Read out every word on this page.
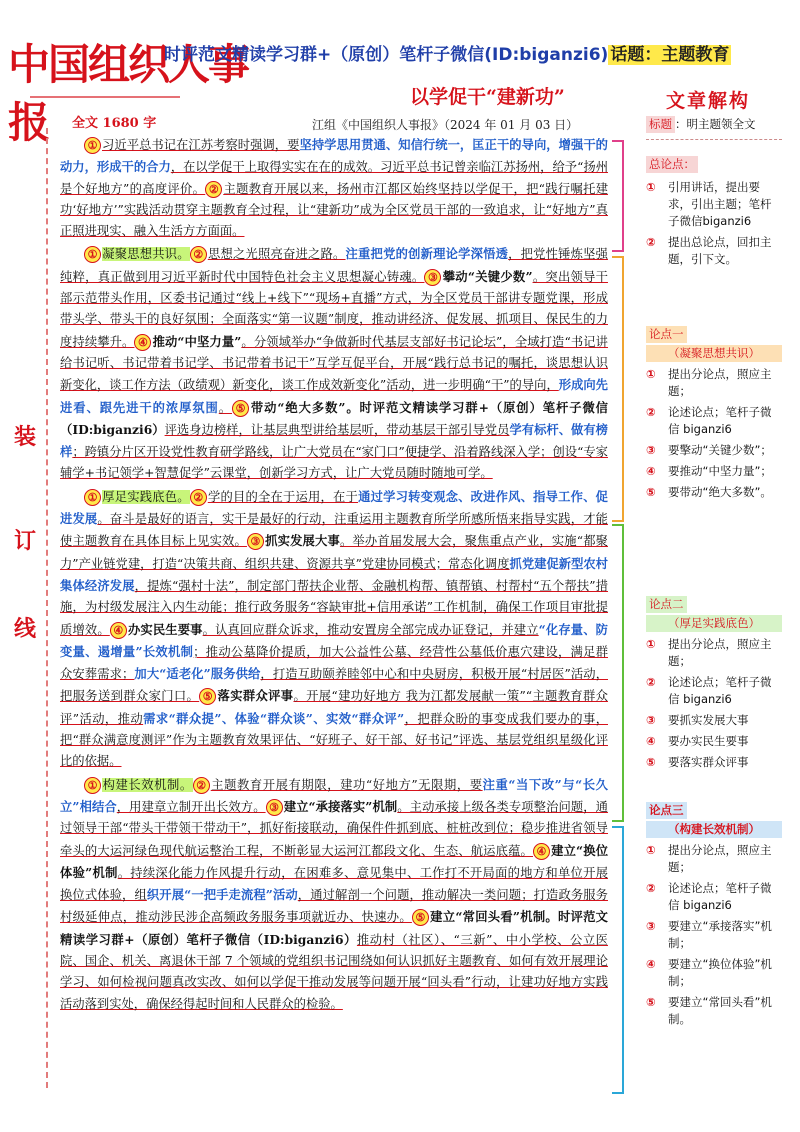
中国组织人事报
时评范文精读学习群+（原创）笔杆子微信(ID:biganzi6) 话题：主题教育
以学促干“建新功”	文章解构
全文 1680 字	江组《中国组织人事报》（2024 年 01 月 03 日）
装
订
线

① 习近平总书记在江苏考察时强调，要坚持学思用贯通、知信行统一，匡正干的导向，增强干的动力，形成干的合力，在以学促干上取得实实在在的成效。习近平总书记曾亲临江苏扬州，给予“扬州是个好地方”的高度评价。 ② 主题教育开展以来，扬州市江都区始终坚持以学促干，把“践行嘱托建功‘好地方’”实践活动贯穿主题教育全过程，让“建新功”成为全区党员干部的一致追求，让“好地方”真正照进现实、融入生活方方面面。

① 凝聚思想共识。 ② 思想之光照亮奋进之路。注重把党的创新理论学深悟透，把党性锤炼坚强纯粹，真正做到用习近平新时代中国特色社会主义思想凝心铸魂。 ③ 攀动“关键少数”。突出领导干部示范带头作用，区委书记通过“线上+线下”“现场+直播”方式，为全区党员干部讲专题党课，形成带头学、带头干的良好氛围；全面落实“第一议题”制度，推动讲经济、促发展、抓项目、保民生的力度持续攀升。 ④ 推动“中坚力量”。分领域举办“争做新时代基层支部好书记论坛”，全域打造“书记讲给书记听、书记带着书记学、书记带着书记干”互学互促平台，开展“践行总书记的嘱托，谈思想认识新变化，谈工作方法（政绩观）新变化，谈工作成效新变化”活动，进一步明确“干”的导向，形成向先进看、跟先进干的浓厚氛围。 ⑤ 带动“绝大多数”。时评范文精读学习群+（原创）笔杆子微信（ID:biganzi6）评选身边榜样，让基层典型讲给基层听，带动基层干部引导党员学有标杆、做有榜样；跨镇分片区开设党性教育研学路线，让广大党员在“家门口”便捷学、沿着路线深入学；创设“专家辅学+书记领学+智慧促学”云课堂，创新学习方式，让广大党员随时随地可学。

① 厚足实践底色。 ② 学的目的全在于运用，在于通过学习转变观念、改进作风、指导工作、促进发展。奋斗是最好的语言，实干是最好的行动，注重运用主题教育所学所感所悟来指导实践，才能使主题教育在具体目标上见实效。 ③ 抓实发展大事。举办首届发展大会，聚焦重点产业，实施“都聚力”产业链党建，打造“决策共商、组织共建、资源共享”党建协同模式；常态化调度抓党建促新型农村集体经济发展，提炼“强村十法”，制定部门帮扶企业帮、金融机构帮、镇帮镇、村帮村“五个帮扶”措施，为村级发展注入内生动能；推行政务服务“容缺审批+信用承诺”工作机制，确保工作项目审批提质增效。 ④ 办实民生要事。认真回应群众诉求，推动安置房全部完成办证登记，并建立“化存量、防变量、遏增量”长效机制；推动公墓降价提质，加大公益性公墓、经营性公墓低价惠穴建设，满足群众安葬需求；加大“适老化”服务供给，打造互助颐养睦邻中心和中央厨房，积极开展“村居医”活动，把服务送到群众家门口。 ⑤ 落实群众评事。开展“建功好地方 我为江都发展献一策”“主题教育群众评”活动，推动需求“群众提”、体验“群众谈”、实效“群众评”，把群众盼的事变成我们要办的事，把“群众满意度测评”作为主题教育效果评估、“好班子、好干部、好书记”评选、基层党组织星级化评比的依据。

① 构建长效机制。 ② 主题教育开展有期限，建功“好地方”无限期，要注重“当下改”与“长久立”相结合，用建章立制开出长效方。 ③ 建立“承接落实”机制。主动承接上级各类专项整治问题，通过领导干部“带头干带领干带动干”，抓好衔接联动，确保件件抓到底、桩桩改到位；稳步推进省领导牵头的大运河绿色现代航运整治工程，不断彰显大运河江都段文化、生态、航运底蕴。 ④ 建立“换位体验”机制。持续深化能力作风提升行动，在困难多、意见集中、工作打不开局面的地方和单位开展换位式体验，组织开展“一把手走流程”活动，通过解剖一个问题，推动解决一类问题；打造政务服务村级延伸点，推动涉民涉企高频政务服务事项就近办、快速办。 ⑤ 建立“常回头看”机制。时评范文精读学习群+（原创）笔杆子微信（ID:biganzi6）推动村（社区）、“三新”、中小学校、公立医院、国企、机关、离退休干部 7 个领域的党组织书记围绕如何认识抓好主题教育、如何有效开展理论学习、如何检视问题真改实改、如何以学促干推动发展等问题开展“回头看”行动，让建功好地方实践活动落到实处，确保经得起时间和人民群众的检验。

标题 ：明主题领全文
总论点：
① 引用讲话，提出要求，引出主题；笔杆子微信biganzi6
② 提出总论点，回扣主题，引下文。
论点一
（凝聚思想共识）
① 提出分论点，照应主题；
② 论述论点；笔杆子微信 biganzi6
③ 要擎动“关键少数”；
④ 要推动“中坚力量”；
⑤ 要带动“绝大多数”。
论点二
（厚足实践底色）
① 提出分论点，照应主题；
② 论述论点；笔杆子微信 biganzi6
③ 要抓实发展大事
④ 要办实民生要事
⑤ 要落实群众评事
论点三
（构建长效机制）
① 提出分论点，照应主题；
② 论述论点；笔杆子微信 biganzi6
③ 要建立“承接落实”机制；
④ 要建立“换位体验”机制；
⑤ 要建立“常回头看”机制。
